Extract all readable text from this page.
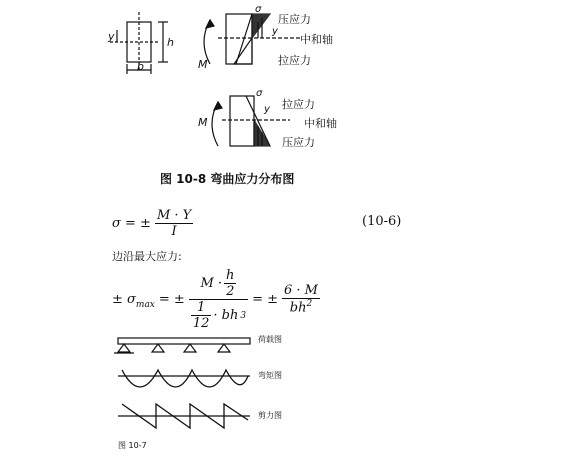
y	h
b
σ
y
M
压应力
中和轴
拉应力
σ
y
M
拉应力
中和轴
压应力
图 10-8 弯曲应力分布图
σ = ± $\frac{M \cdot Y}{I}$	(10-6)
边沿最大应力:
± $\sigma_{max}$ = ± $\frac{M \cdot \frac{h}{2}}{\frac{1}{12} \cdot bh 3}$ = ± $\frac{6 \cdot M}{bh^2}$
荷载图
弯矩图
剪力图
图 10-7
